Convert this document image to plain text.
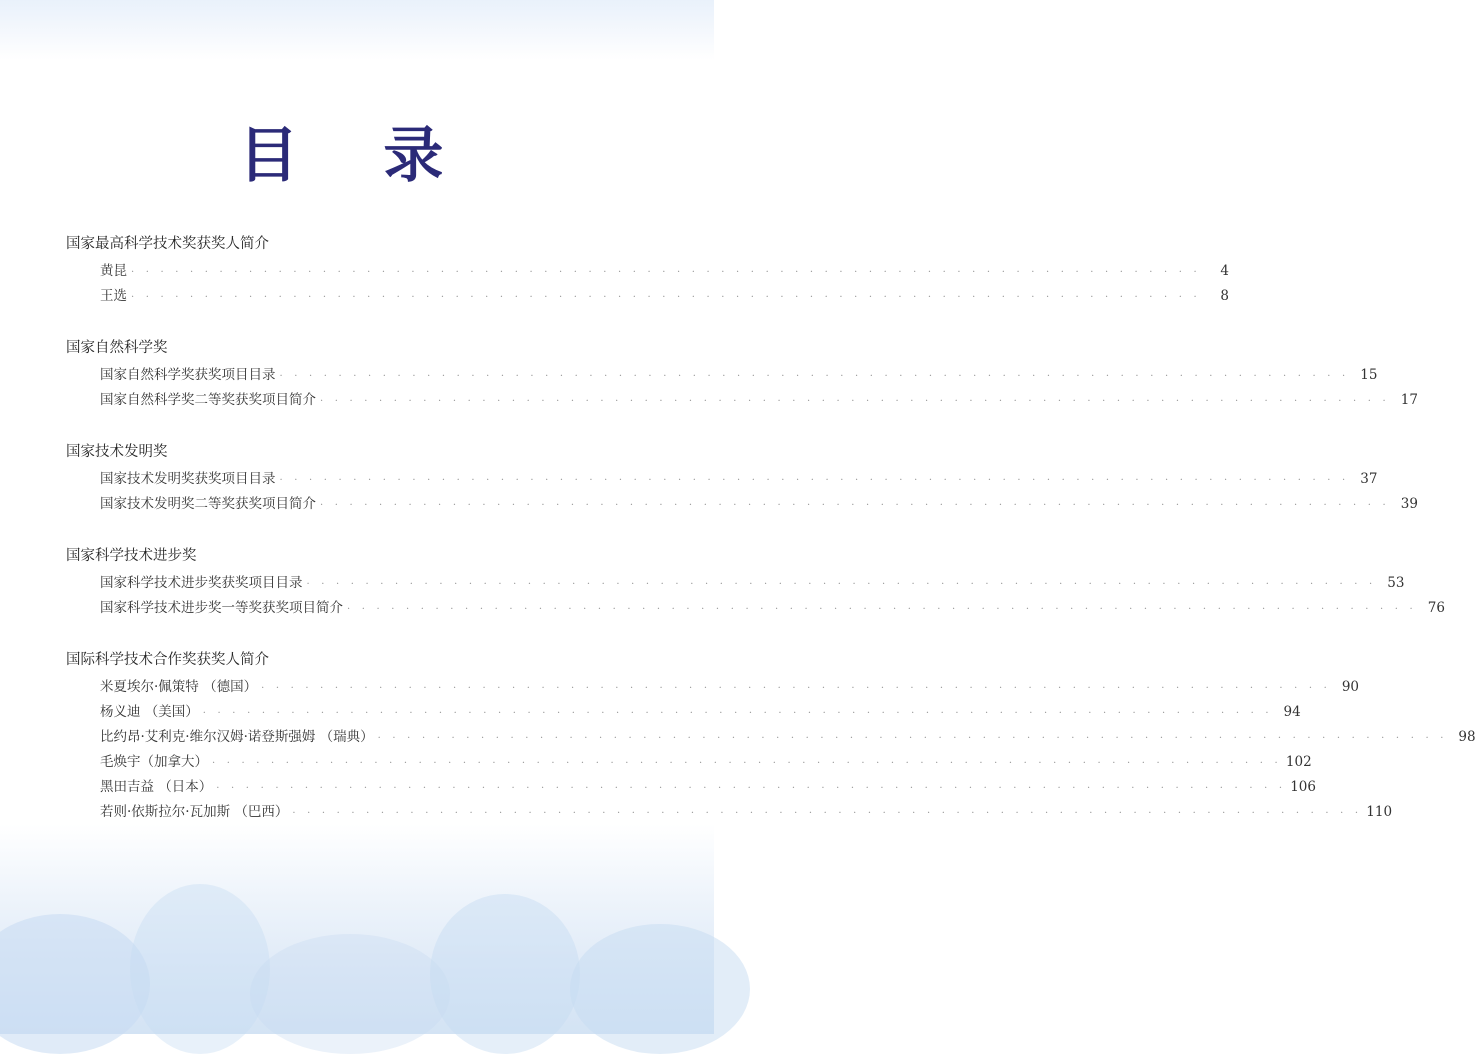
目 录
国家最高科学技术奖获奖人简介
黄昆 · · · · · · · · · · · · · · · · · · · · · · · · · · · · · · · · · · · · · · · · · · · · · · · · · · · · · · · · · · · · · · · · · · · · · · · · ·	4
王选 · · · · · · · · · · · · · · · · · · · · · · · · · · · · · · · · · · · · · · · · · · · · · · · · · · · · · · · · · · · · · · · · · · · · · · · · ·	8
国家自然科学奖
国家自然科学奖获奖项目目录 · · · · · · · · · · · · · · · · · · · · · · · · · · · · · · · · · · · · · · · · · · · · · · · · · · · · · · · · · · · · · · · · · · · · · · · · · 15
国家自然科学奖二等奖获奖项目简介 · · · · · · · · · · · · · · · · · · · · · · · · · · · · · · · · · · · · · · · · · · · · · · · · · · · · · · · · · · · · · · · · · · · · · · · · · 17
国家技术发明奖
国家技术发明奖获奖项目目录 · · · · · · · · · · · · · · · · · · · · · · · · · · · · · · · · · · · · · · · · · · · · · · · · · · · · · · · · · · · · · · · · · · · · · · · · · 37
国家技术发明奖二等奖获奖项目简介 · · · · · · · · · · · · · · · · · · · · · · · · · · · · · · · · · · · · · · · · · · · · · · · · · · · · · · · · · · · · · · · · · · · · · · · · · 39
国家科学技术进步奖
国家科学技术进步奖获奖项目目录 · · · · · · · · · · · · · · · · · · · · · · · · · · · · · · · · · · · · · · · · · · · · · · · · · · · · · · · · · · · · · · · · · · · · · · · · · 53
国家科学技术进步奖一等奖获奖项目简介 · · · · · · · · · · · · · · · · · · · · · · · · · · · · · · · · · · · · · · · · · · · · · · · · · · · · · · · · · · · · · · · · · · · · · · · · · 76
国际科学技术合作奖获奖人简介
米夏埃尔·佩策特 （德国） · · · · · · · · · · · · · · · · · · · · · · · · · · · · · · · · · · · · · · · · · · · · · · · · · · · · · · · · · · · · · · · · · · · · · · · · · 90
杨义迪 （美国） · · · · · · · · · · · · · · · · · · · · · · · · · · · · · · · · · · · · · · · · · · · · · · · · · · · · · · · · · · · · · · · · · · · · · · · · · 94
比约昂·艾利克·维尔汉姆·诺登斯强姆 （瑞典） · · · · · · · · · · · · · · · · · · · · · · · · · · · · · · · · · · · · · · · · · · · · · · · · · · · · · · · · · · · · · · · · · · · · · · · · · 98
毛焕宇（加拿大） · · · · · · · · · · · · · · · · · · · · · · · · · · · · · · · · · · · · · · · · · · · · · · · · · · · · · · · · · · · · · · · · · · · · · · · · · 102
黑田吉益 （日本） · · · · · · · · · · · · · · · · · · · · · · · · · · · · · · · · · · · · · · · · · · · · · · · · · · · · · · · · · · · · · · · · · · · · · · · · · 106
若则·依斯拉尔·瓦加斯 （巴西） · · · · · · · · · · · · · · · · · · · · · · · · · · · · · · · · · · · · · · · · · · · · · · · · · · · · · · · · · · · · · · · · · · · · · · · · · 110
